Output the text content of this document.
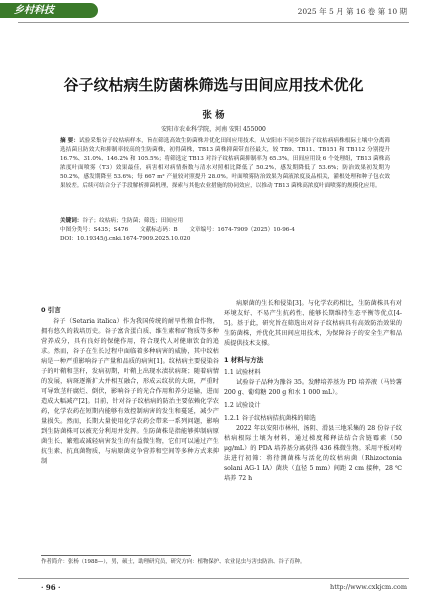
乡村科技	2025 年 5 月 第 16 卷 第 10 期
谷子纹枯病生防菌株筛选与田间应用技术优化
张 杨
安阳市农业科学院，河南 安阳 455000
摘 要：试验采集谷子纹枯病样本，旨在筛选高效生防菌株并优化田间应用技术。从安阳市不同乡镇谷子纹枯病病株根际土壤中分离筛选拮菌且防效大和抑制率较高的生防菌株，初得菌株，TB13 菌株抑菌带直径最大，较 TB9、TB11、TB151 和 TB112 分别提升 16.7%、31.0%、146.2% 和 105.5%；将筛选定 TB13 对谷子纹枯病菌抑制率为 65.3%。田间应用设 6 个处理组，TB13 菌株高浓度叶面喷雾（T3）效果最佳，病害相对病情指数与清水对照相比降低了 50.2%，感发期降低了 53.6%；防治效果初发期为 50.2%，感发期降至 53.6%；每 667 m² 产量较对照提升 28.0%。叶面喷雾防治效果为菌液浓度及品相关，灌根处理和种子包衣效果较差。后续可结合分子手段解析抑菌机理，探索与其他农业措施的协同效应，以推动 TB13 菌株高浓度叶面喷雾的规模化应用。
关键词：谷子；纹枯病；生防菌；筛选；田间应用
中图分类号：S435；S476 文献标志码：B 文章编号：1674-7909（2025）10-96-4
DOI：10.19345/j.cnki.1674-7909.2025.10.020
0 引言

谷子（Setaria italica）作为我国传统的耐旱性粮食作物，拥有悠久的栽培历史。谷子富含蛋白质、维生素和矿物质等多种营养成分，具有良好的保健作用，符合现代人对健康饮食的追求。然而，谷子在生长过程中面临着多种病害的威胁，其中纹枯病是一种严重影响谷子产量和品质的病害[1]。纹枯病主要侵染谷子的叶鞘和茎秆，发病初期，叶鞘上出现水渍状病斑；随着病情的发展，病斑逐渐扩大并相互融合，形成云纹状的大斑，严重时可导致茎秆腐烂、倒伏，影响谷子的光合作用和养分运输，进而造成大幅减产[2]。目前，针对谷子纹枯病的防治主要依赖化学农药，化学农药在短期内能够有效控制病害的发生和蔓延，减少产量损失。然而，长期大量使用化学农药会带来一系列问题，影响到生防菌株可以被充分利用并发挥。生防菌株是指能够抑制病原菌生长、繁殖或减轻病害发生的有益微生物，它们可以通过产生抗生素、抗真菌物质，与病原菌竞争营养和空间等多种方式来抑制

病原菌的生长和侵染[3]。与化学农药相比，生防菌株具有对环境友好、不易产生抗药性、能够长期维持生态平衡等优点[4-5]。基于此，研究旨在筛选出对谷子纹枯病具有高效防治效果的生防菌株，并优化其田间应用技术，为保障谷子的安全生产和品质提供技术支撑。

1 材料与方法
1.1 试验材料

试验谷子品种为豫谷 35。发酵培养基为 PD 培养液（马铃薯 200 g、葡萄糖 200 g 和水 1 000 mL）。

1.2 试验设计
1.2.1 谷子纹枯病拮抗菌株的筛选

2022 年以安阳市林州、汤阴、滑县三地采集的 28 份谷子纹枯病根际土壤为材料，通过梯度稀释法结合含链霉素（50 μg/mL）的 PDA 培养基分离获得 436 株微生物。采用平板对峙法进行初筛：将待测菌株与活化的纹枯病菌（Rhizoctonia solani AG-1 IA）菌块（直径 5 mm）间距 2 cm 接种，28 ℃ 培养 72 h

作者简介：张杨（1988—），男，硕士，助理研究员，研究方向：植物保护、农业昆虫与害虫防治、谷子育种。
· 96 ·	http://www.cxkjcm.com
